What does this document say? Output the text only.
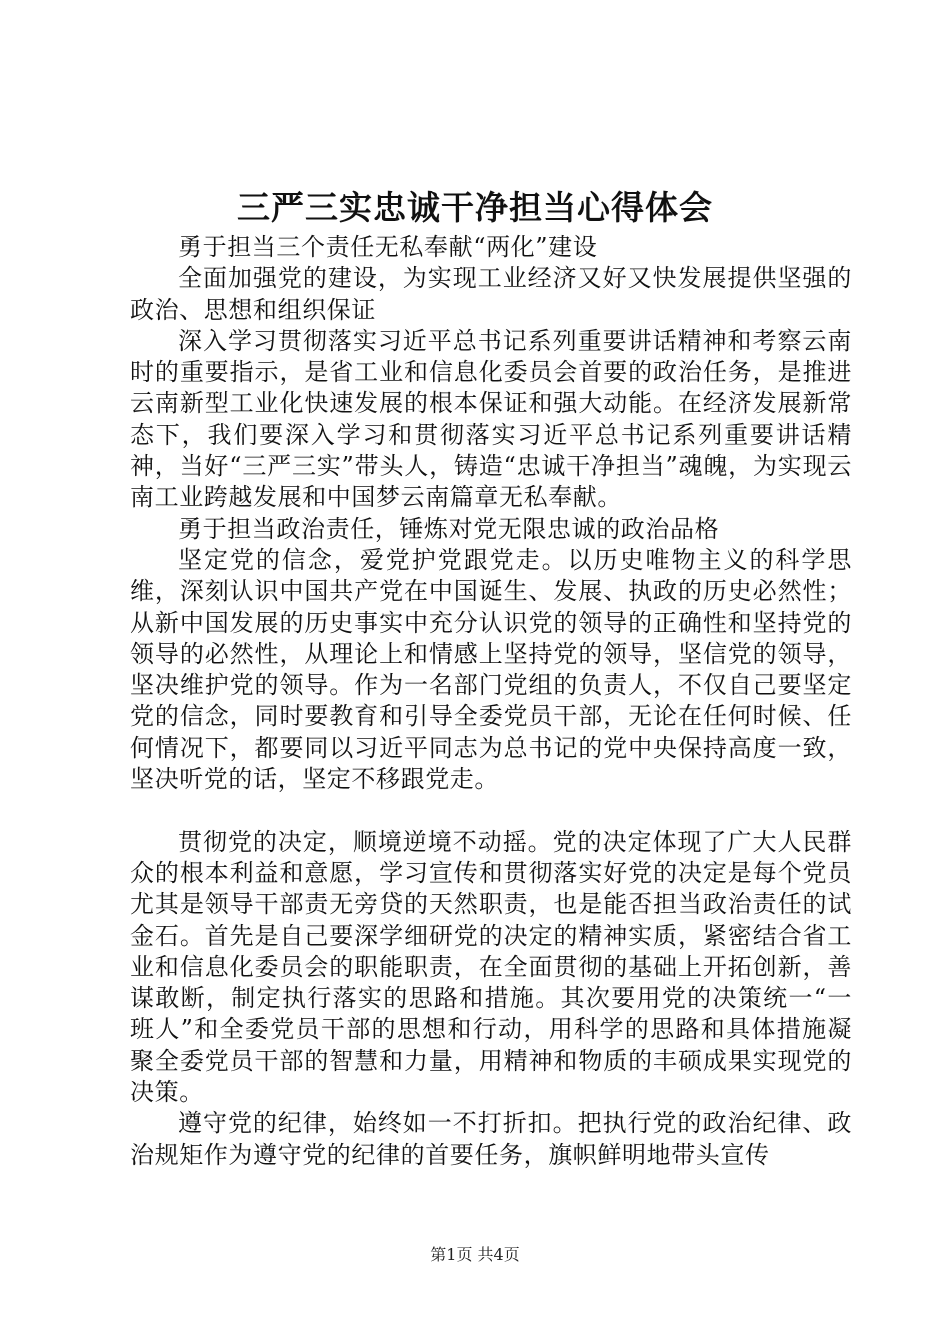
三严三实忠诚干净担当心得体会

勇于担当三个责任无私奉献“两化”建设

全面加强党的建设，为实现工业经济又好又快发展提供坚强的政治、思想和组织保证

深入学习贯彻落实习近平总书记系列重要讲话精神和考察云南时的重要指示，是省工业和信息化委员会首要的政治任务，是推进云南新型工业化快速发展的根本保证和强大动能。在经济发展新常态下，我们要深入学习和贯彻落实习近平总书记系列重要讲话精神，当好“三严三实”带头人，铸造“忠诚干净担当”魂魄，为实现云南工业跨越发展和中国梦云南篇章无私奉献。

勇于担当政治责任，锤炼对党无限忠诚的政治品格

坚定党的信念，爱党护党跟党走。以历史唯物主义的科学思维，深刻认识中国共产党在中国诞生、发展、执政的历史必然性；从新中国发展的历史事实中充分认识党的领导的正确性和坚持党的领导的必然性，从理论上和情感上坚持党的领导，坚信党的领导，坚决维护党的领导。作为一名部门党组的负责人，不仅自己要坚定党的信念，同时要教育和引导全委党员干部，无论在任何时候、任何情况下，都要同以习近平同志为总书记的党中央保持高度一致，坚决听党的话，坚定不移跟党走。

贯彻党的决定，顺境逆境不动摇。党的决定体现了广大人民群众的根本利益和意愿，学习宣传和贯彻落实好党的决定是每个党员尤其是领导干部责无旁贷的天然职责，也是能否担当政治责任的试金石。首先是自己要深学细研党的决定的精神实质，紧密结合省工业和信息化委员会的职能职责，在全面贯彻的基础上开拓创新，善谋敢断，制定执行落实的思路和措施。其次要用党的决策统一“一班人”和全委党员干部的思想和行动，用科学的思路和具体措施凝聚全委党员干部的智慧和力量，用精神和物质的丰硕成果实现党的决策。

遵守党的纪律，始终如一不打折扣。把执行党的政治纪律、政治规矩作为遵守党的纪律的首要任务，旗帜鲜明地带头宣传

第1页 共4页
